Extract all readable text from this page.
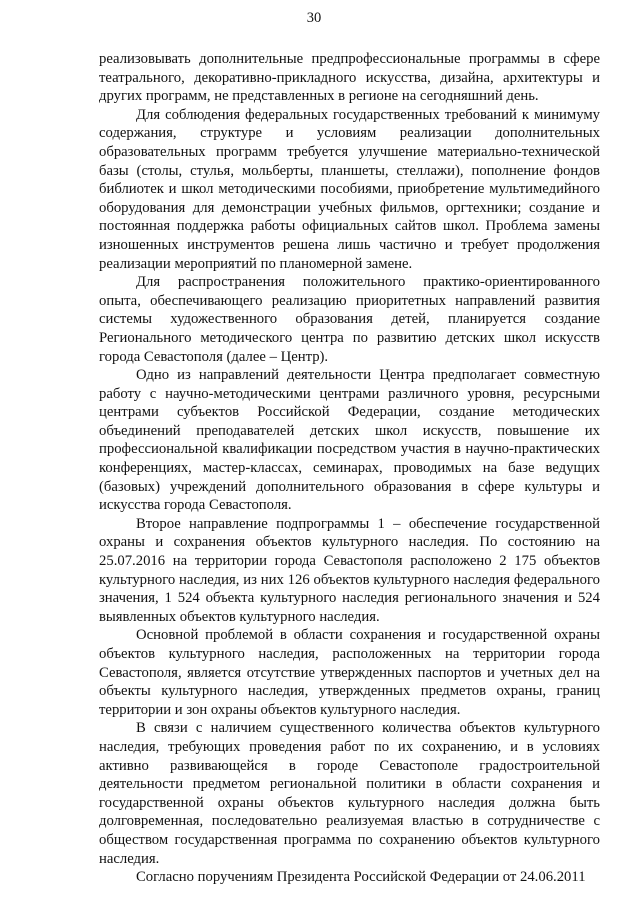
30

реализовывать дополнительные предпрофессиональные программы в сфере театрального, декоративно-прикладного искусства, дизайна, архитектуры и других программ, не представленных в регионе на сегодняшний день.

Для соблюдения федеральных государственных требований к минимуму содержания, структуре и условиям реализации дополнительных образовательных программ требуется улучшение материально-технической базы (столы, стулья, мольберты, планшеты, стеллажи), пополнение фондов библиотек и школ методическими пособиями, приобретение мультимедийного оборудования для демонстрации учебных фильмов, оргтехники; создание и постоянная поддержка работы официальных сайтов школ. Проблема замены изношенных инструментов решена лишь частично и требует продолжения реализации мероприятий по планомерной замене.

Для распространения положительного практико-ориентированного опыта, обеспечивающего реализацию приоритетных направлений развития системы художественного образования детей, планируется создание Регионального методического центра по развитию детских школ искусств города Севастополя (далее – Центр).

Одно из направлений деятельности Центра предполагает совместную работу с научно-методическими центрами различного уровня, ресурсными центрами субъектов Российской Федерации, создание методических объединений преподавателей детских школ искусств, повышение их профессиональной квалификации посредством участия в научно-практических конференциях, мастер-классах, семинарах, проводимых на базе ведущих (базовых) учреждений дополнительного образования в сфере культуры и искусства города Севастополя.

Второе направление подпрограммы 1 – обеспечение государственной охраны и сохранения объектов культурного наследия. По состоянию на 25.07.2016 на территории города Севастополя расположено 2 175 объектов культурного наследия, из них 126 объектов культурного наследия федерального значения, 1 524 объекта культурного наследия регионального значения и 524 выявленных объектов культурного наследия.

Основной проблемой в области сохранения и государственной охраны объектов культурного наследия, расположенных на территории города Севастополя, является отсутствие утвержденных паспортов и учетных дел на объекты культурного наследия, утвержденных предметов охраны, границ территории и зон охраны объектов культурного наследия.

В связи с наличием существенного количества объектов культурного наследия, требующих проведения работ по их сохранению, и в условиях активно развивающейся в городе Севастополе градостроительной деятельности предметом региональной политики в области сохранения и государственной охраны объектов культурного наследия должна быть долговременная, последовательно реализуемая властью в сотрудничестве с обществом государственная программа по сохранению объектов культурного наследия.

Согласно поручениям Президента Российской Федерации от 24.06.2011
